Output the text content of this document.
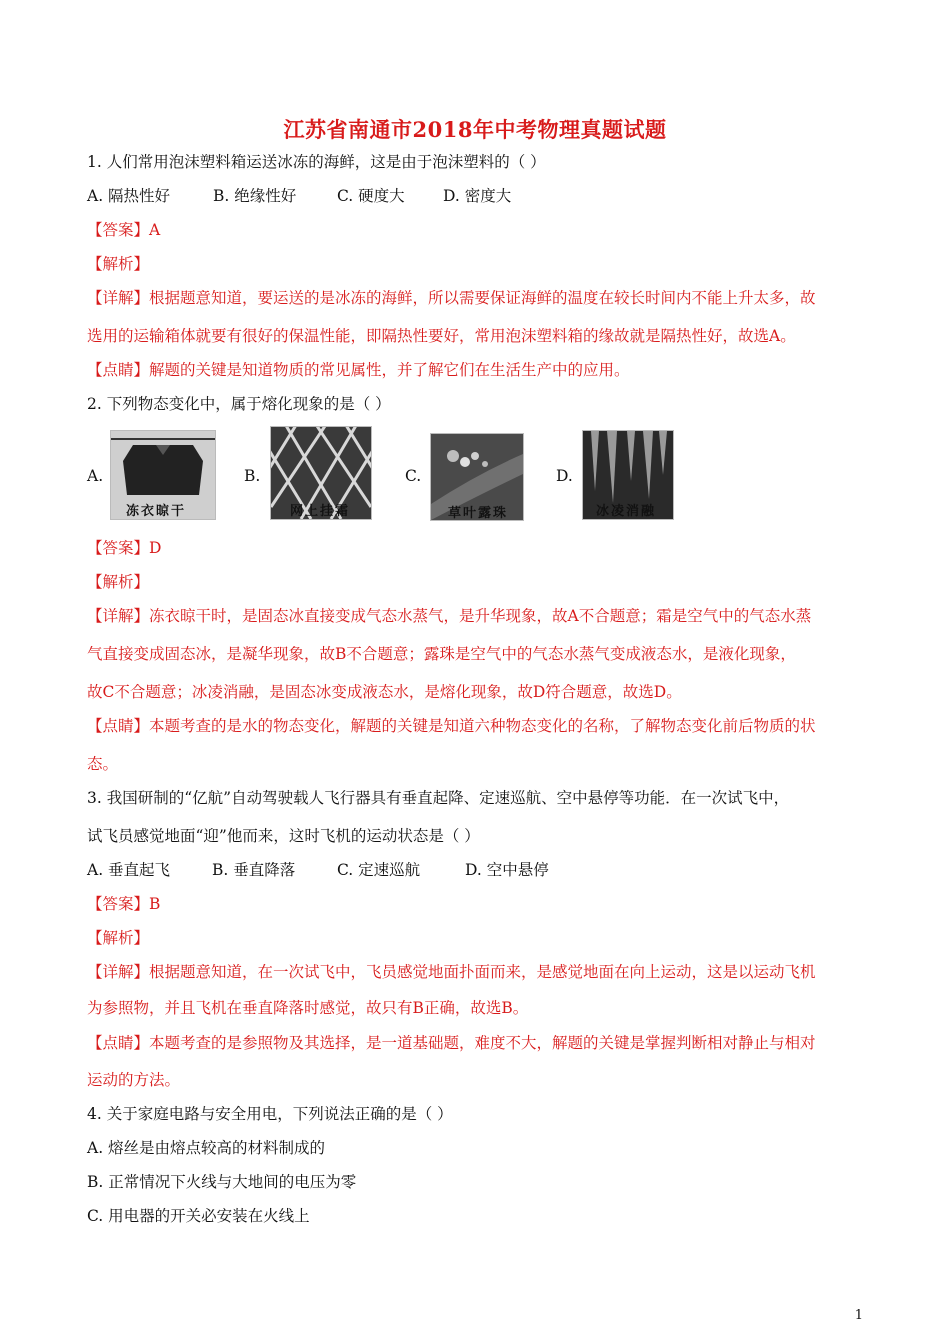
江苏省南通市2018年中考物理真题试题
1. 人们常用泡沫塑料箱运送冰冻的海鲜，这是由于泡沫塑料的（ ）
A. 隔热性好	B. 绝缘性好	C. 硬度大 D. 密度大
【答案】A
【解析】
【详解】根据题意知道，要运送的是冰冻的海鲜，所以需要保证海鲜的温度在较长时间内不能上升太多，故
选用的运输箱体就要有很好的保温性能，即隔热性要好，常用泡沫塑料箱的缘故就是隔热性好，故选A。
【点睛】解题的关键是知道物质的常见属性，并了解它们在生活生产中的应用。
2. 下列物态变化中，属于熔化现象的是（ ）
A.
冻衣晾干
B.
网上挂霜
C.
草叶露珠
D.
冰凌消融
【答案】D
【解析】
【详解】冻衣晾干时，是固态冰直接变成气态水蒸气，是升华现象，故A不合题意；霜是空气中的气态水蒸
气直接变成固态冰，是凝华现象，故B不合题意；露珠是空气中的气态水蒸气变成液态水，是液化现象，
故C不合题意；冰凌消融，是固态冰变成液态水，是熔化现象，故D符合题意，故选D。
【点睛】本题考查的是水的物态变化，解题的关键是知道六种物态变化的名称，了解物态变化前后物质的状
态。
3. 我国研制的“亿航”自动驾驶载人飞行器具有垂直起降、定速巡航、空中悬停等功能．在一次试飞中，
试飞员感觉地面“迎”他而来，这时飞机的运动状态是（ ）
A. 垂直起飞	B. 垂直降落	C. 定速巡航	D. 空中悬停
【答案】B
【解析】
【详解】根据题意知道，在一次试飞中，飞员感觉地面扑面而来，是感觉地面在向上运动，这是以运动飞机
为参照物，并且飞机在垂直降落时感觉，故只有B正确，故选B。
【点睛】本题考查的是参照物及其选择，是一道基础题，难度不大，解题的关键是掌握判断相对静止与相对
运动的方法。
4. 关于家庭电路与安全用电，下列说法正确的是（ ）
A. 熔丝是由熔点较高的材料制成的
B. 正常情况下火线与大地间的电压为零
C. 用电器的开关必安装在火线上
1
